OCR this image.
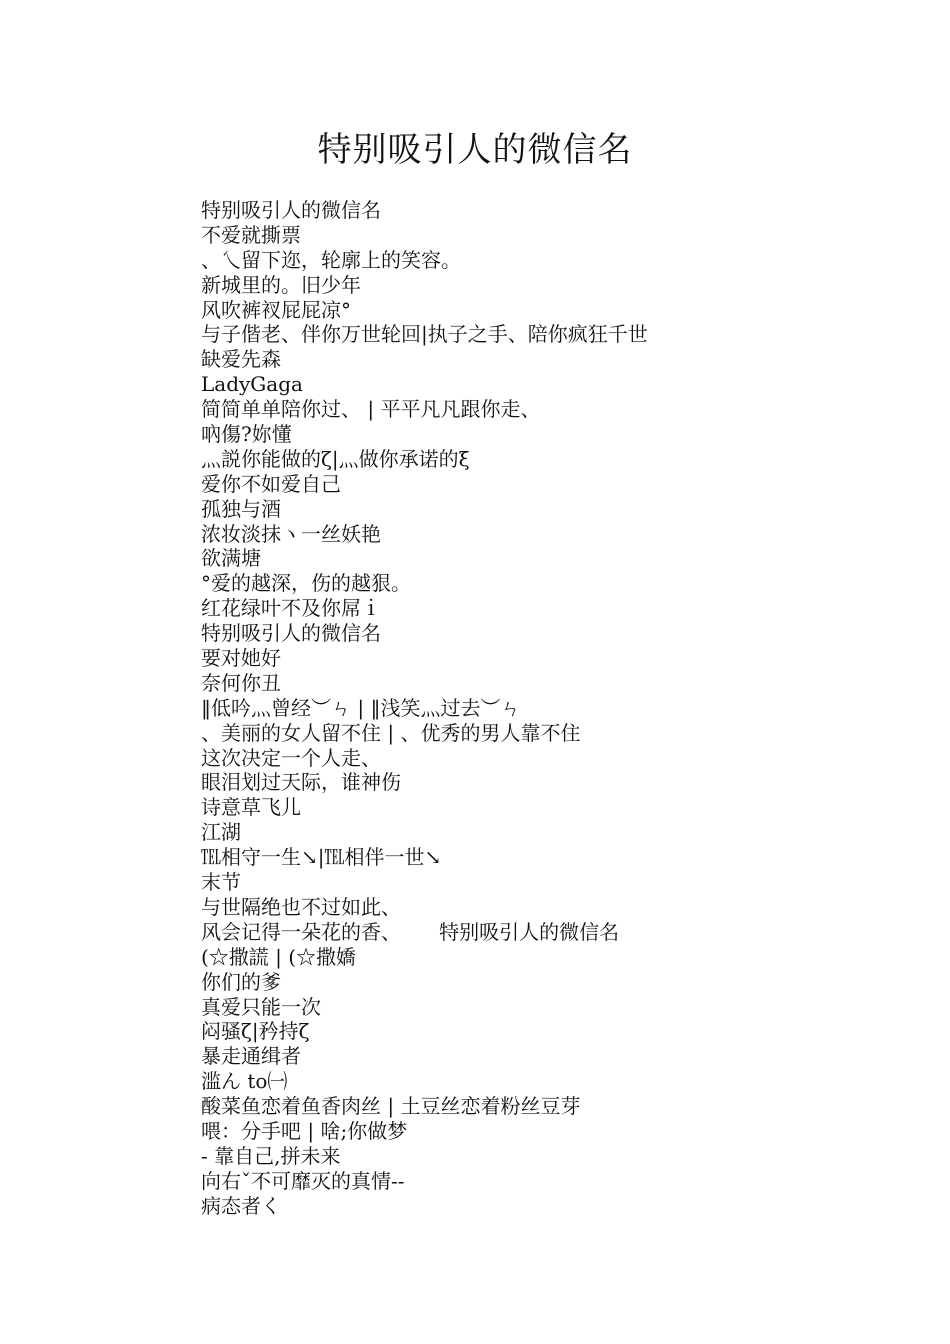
特别吸引人的微信名
特别吸引人的微信名
不爱就撕票
、乀留下迩，轮廓上的笑容。
新城里的。旧少年
风吹裤衩屁屁凉°
与子偕老、伴你万世轮回|执子之手、陪你疯狂千世
缺爱先森
LadyGaga
简简单单陪你过、 | 平平凡凡跟你走、
吶傷?妳懂
灬説你能做的ζ|灬做你承诺的ξ
爱你不如爱自己
孤独与酒
浓妆淡抹ヽ一丝妖艳
欲满塘
°爱的越深，伤的越狠。
红花绿叶不及你屌ｉ
特别吸引人的微信名
要对她好
奈何你丑
‖低吟灬曾经︶ㄣ | ‖浅笑灬过去︶ㄣ
、美丽的女人留不住 | 、优秀的男人靠不住
这次决定一个人走、
眼泪划过天际，谁神伤
诗意草飞儿
江湖
℡相守一生↘|℡相伴一世↘
末节
与世隔绝也不过如此、
风会记得一朵花的香、      特别吸引人的微信名
(☆撒謊 | (☆撒嬌
你们的爹
真爱只能一次
闷骚ζ|矜持ζ
暴走通缉者
滥ん to㈠
酸菜鱼恋着鱼香肉丝 | 土豆丝恋着粉丝豆芽
喂：分手吧 | 啥;你做梦
- 靠自己,拼未来
向右ˇ不可靡灭的真情--
病态者く
